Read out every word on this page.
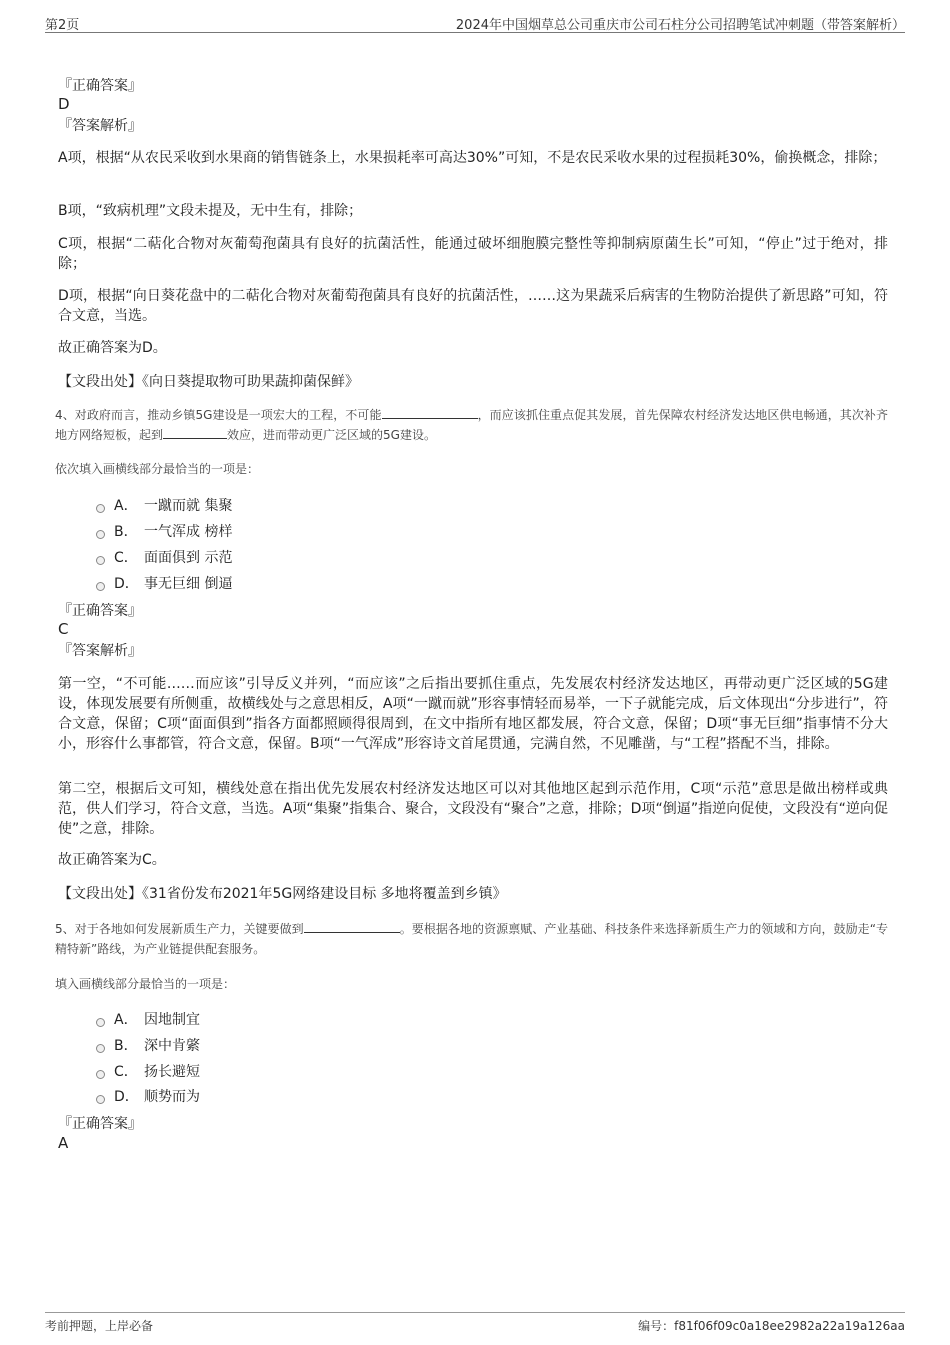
第2页	2024年中国烟草总公司重庆市公司石柱分公司招聘笔试冲刺题（带答案解析）
『正确答案』
D
『答案解析』
A项，根据“从农民采收到水果商的销售链条上，水果损耗率可高达30%”可知，不是农民采收水果的过程损耗30%，偷换概念，排除；
B项，“致病机理”文段未提及，无中生有，排除；
C项，根据“二萜化合物对灰葡萄孢菌具有良好的抗菌活性，能通过破坏细胞膜完整性等抑制病原菌生长”可知，“停止”过于绝对，排除；
D项，根据“向日葵花盘中的二萜化合物对灰葡萄孢菌具有良好的抗菌活性，……这为果蔬采后病害的生物防治提供了新思路”可知，符合文意，当选。
故正确答案为D。
【文段出处】《向日葵提取物可助果蔬抑菌保鲜》
4、对政府而言，推动乡镇5G建设是一项宏大的工程，不可能	，而应该抓住重点促其发展，首先保障农村经济发达地区供电畅通，其次补齐地方网络短板，起到	效应，进而带动更广泛区域的5G建设。
依次填入画横线部分最恰当的一项是：
A． 一蹴而就 集聚
B． 一气浑成 榜样
C． 面面俱到 示范
D． 事无巨细 倒逼
『正确答案』
C
『答案解析』
第一空，“不可能……而应该”引导反义并列，“而应该”之后指出要抓住重点，先发展农村经济发达地区，再带动更广泛区域的5G建设，体现发展要有所侧重，故横线处与之意思相反，A项“一蹴而就”形容事情轻而易举，一下子就能完成，后文体现出“分步进行”，符合文意，保留；C项“面面俱到”指各方面都照顾得很周到，在文中指所有地区都发展，符合文意，保留；D项“事无巨细”指事情不分大小，形容什么事都管，符合文意，保留。B项“一气浑成”形容诗文首尾贯通，完满自然，不见雕凿，与“工程”搭配不当，排除。
第二空，根据后文可知，横线处意在指出优先发展农村经济发达地区可以对其他地区起到示范作用，C项“示范”意思是做出榜样或典范，供人们学习，符合文意，当选。A项“集聚”指集合、聚合，文段没有“聚合”之意，排除；D项“倒逼”指逆向促使，文段没有“逆向促使”之意，排除。
故正确答案为C。
【文段出处】《31省份发布2021年5G网络建设目标 多地将覆盖到乡镇》
5、对于各地如何发展新质生产力，关键要做到	。要根据各地的资源禀赋、产业基础、科技条件来选择新质生产力的领域和方向，鼓励走“专精特新”路线，为产业链提供配套服务。
填入画横线部分最恰当的一项是：
A． 因地制宜
B． 深中肯綮
C． 扬长避短
D． 顺势而为
『正确答案』
A
考前押题，上岸必备	编号：f81f06f09c0a18ee2982a22a19a126aa
